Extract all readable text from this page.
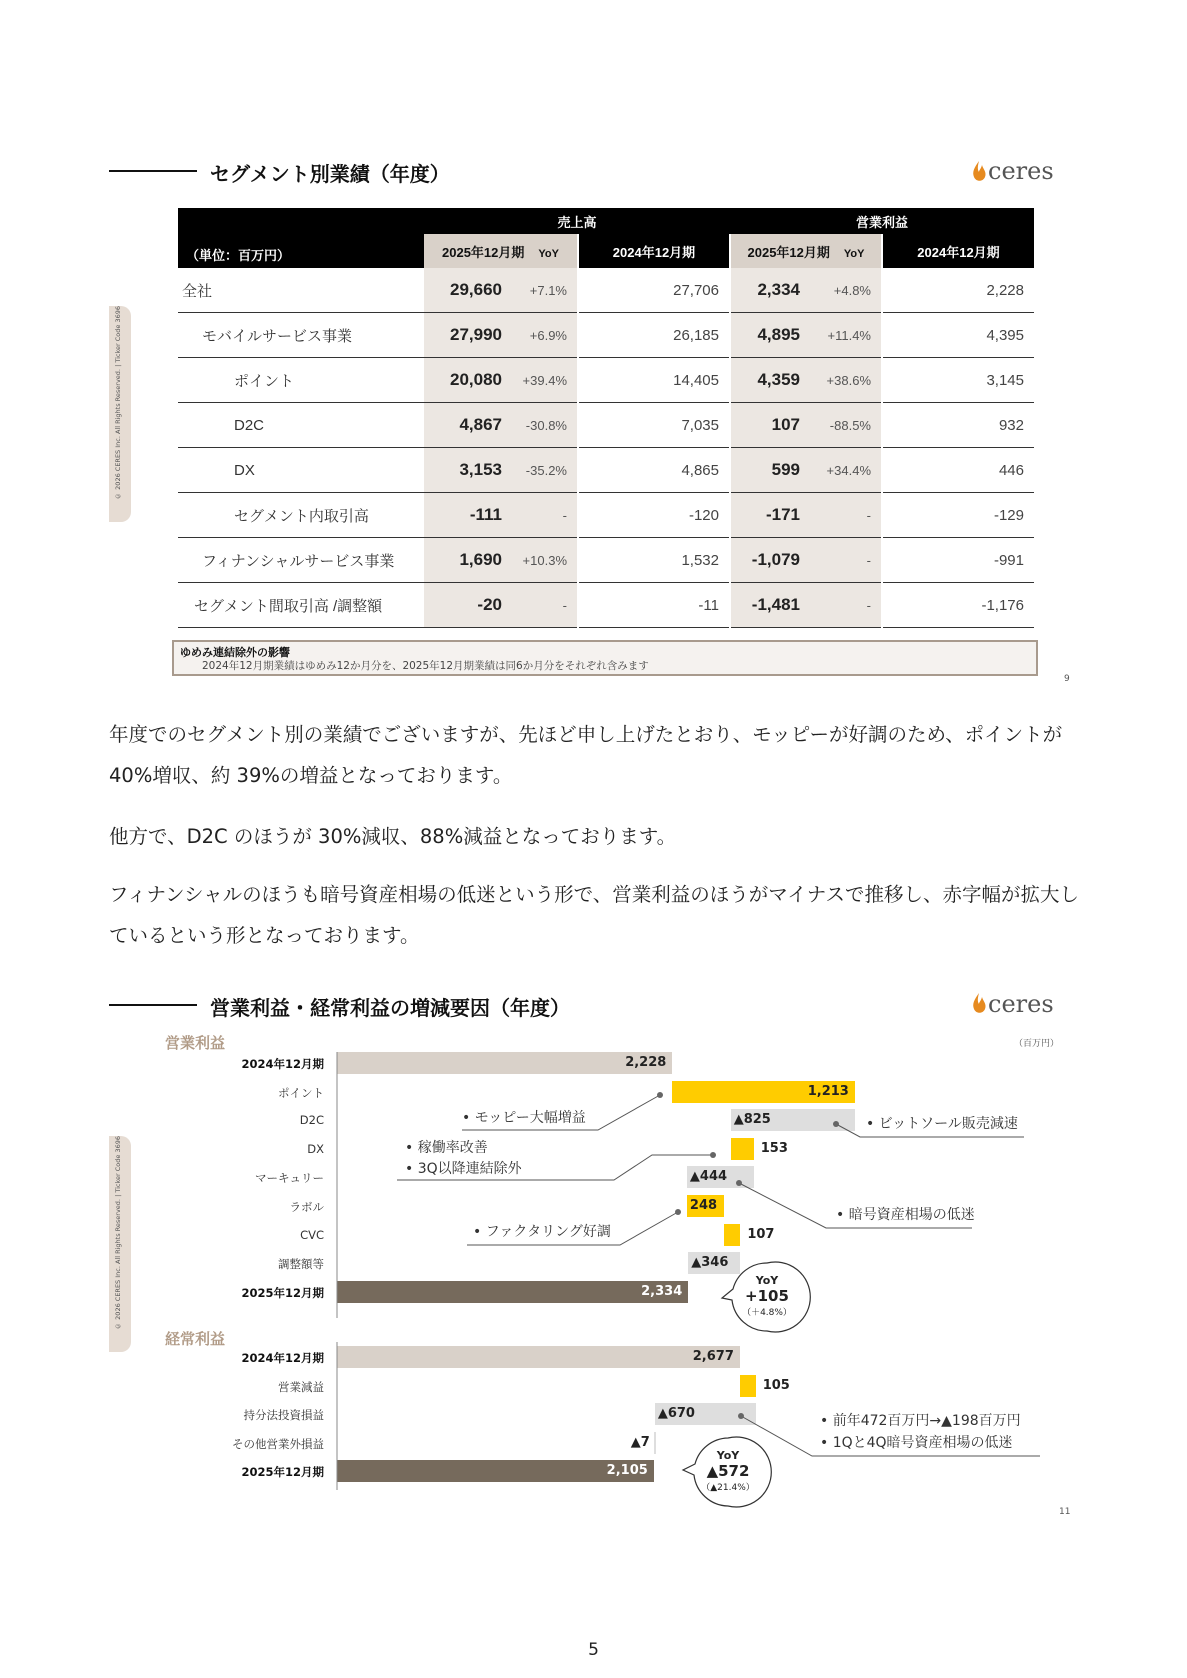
セグメント別業績（年度）	ceres
© 2026 CERES Inc. All Rights Reserved. | Ticker Code 3696
	売上高			営業利益		
（単位：百万円）	2025年12月期 YoY		2024年12月期	2025年12月期 YoY		2024年12月期
全社	29,660	+7.1%	27,706	2,334	+4.8%	2,228
モバイルサービス事業	27,990	+6.9%	26,185	4,895	+11.4%	4,395
ポイント	20,080	+39.4%	14,405	4,359	+38.6%	3,145
D2C	4,867	-30.8%	7,035	107	-88.5%	932
DX	3,153	-35.2%	4,865	599	+34.4%	446
セグメント内取引高	-111	-	-120	-171	-	-129
フィナンシャルサービス事業	1,690	+10.3%	1,532	-1,079	-	-991
セグメント間取引高 /調整額	-20	-	-11	-1,481	-	-1,176
ゆめみ連結除外の影響
2024年12月期業績はゆめみ12か月分を、2025年12月期業績は同6か月分をそれぞれ含みます
9
年度でのセグメント別の業績でございますが、先ほど申し上げたとおり、モッピーが好調のため、ポイントが 40%増収、約 39%の増益となっております。
他方で、D2C のほうが 30%減収、88%減益となっております。
フィナンシャルのほうも暗号資産相場の低迷という形で、営業利益のほうがマイナスで推移し、赤字幅が拡大しているという形となっております。
営業利益・経常利益の増減要因（年度）	ceres
© 2026 CERES Inc. All Rights Reserved. | Ticker Code 3696
（百万円）
営業利益
経常利益
2024年12月期	2,228
ポイント	1,213
D2C	▲825
DX	153
マーキュリー	▲444
ラボル	248
CVC	107
調整額等	▲346
2025年12月期	2,334
2024年12月期	2,677
営業減益	105
持分法投資損益	▲670
その他営業外損益	▲7
2025年12月期	2,105
• モッピー大幅増益	• ビットソール販売減速
• 稼働率改善
• 3Q以降連結除外
• 暗号資産相場の低迷
• ファクタリング好調
• 前年472百万円→▲198百万円
• 1Qと4Q暗号資産相場の低迷
YoY
+105
（＋4.8%）
YoY
▲572
（▲21.4%）
11
5
